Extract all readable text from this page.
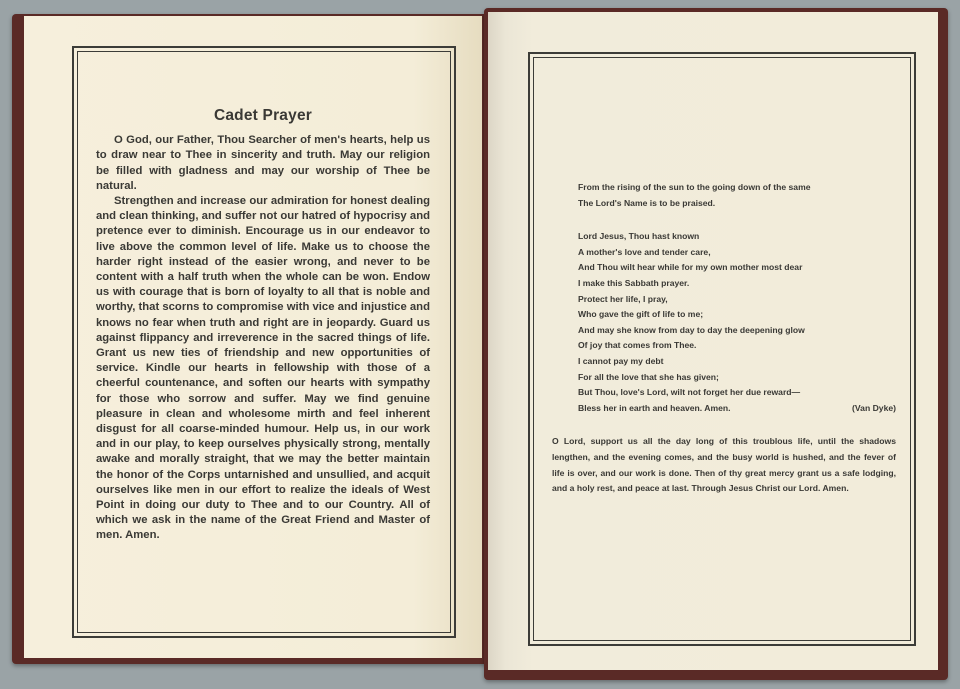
Cadet Prayer

O God, our Father, Thou Searcher of men's hearts, help us to draw near to Thee in sincerity and truth. May our religion be filled with gladness and may our worship of Thee be natural.

Strengthen and increase our admiration for honest dealing and clean thinking, and suffer not our hatred of hypocrisy and pretence ever to diminish. Encourage us in our endeavor to live above the common level of life. Make us to choose the harder right instead of the easier wrong, and never to be content with a half truth when the whole can be won. Endow us with courage that is born of loyalty to all that is noble and worthy, that scorns to compromise with vice and injustice and knows no fear when truth and right are in jeopardy. Guard us against flippancy and irreverence in the sacred things of life. Grant us new ties of friendship and new opportunities of service. Kindle our hearts in fellowship with those of a cheerful countenance, and soften our hearts with sympathy for those who sorrow and suffer. May we find genuine pleasure in clean and wholesome mirth and feel inherent disgust for all coarse-minded humour. Help us, in our work and in our play, to keep ourselves physically strong, mentally awake and morally straight, that we may the better maintain the honor of the Corps untarnished and unsullied, and acquit ourselves like men in our effort to realize the ideals of West Point in doing our duty to Thee and to our Country. All of which we ask in the name of the Great Friend and Master of men. Amen.

From the rising of the sun to the going down of the same
The Lord's Name is to be praised.
Lord Jesus, Thou hast known
A mother's love and tender care,
And Thou wilt hear while for my own mother most dear
I make this Sabbath prayer.
Protect her life, I pray,
Who gave the gift of life to me;
And may she know from day to day the deepening glow
Of joy that comes from Thee.
I cannot pay my debt
For all the love that she has given;
But Thou, love's Lord, wilt not forget her due reward—
Bless her in earth and heaven. Amen.	(Van Dyke)

O Lord, support us all the day long of this troublous life, until the shadows lengthen, and the evening comes, and the busy world is hushed, and the fever of life is over, and our work is done. Then of thy great mercy grant us a safe lodging, and a holy rest, and peace at last. Through Jesus Christ our Lord. Amen.
